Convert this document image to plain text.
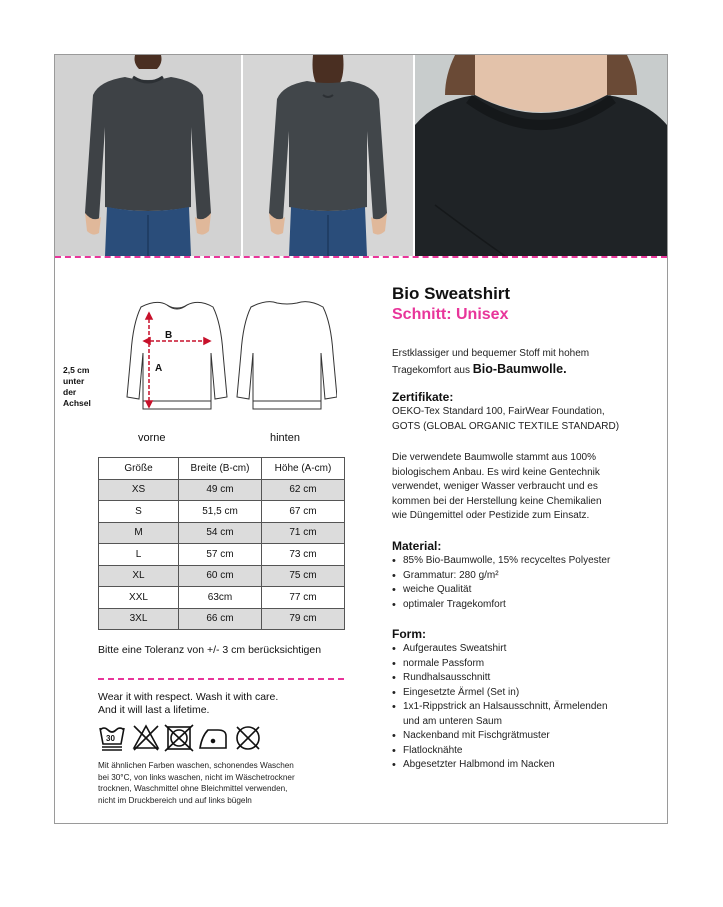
B
A
2,5 cm
unter
der
Achsel
vorne	hinten
Größe	Breite (B-cm)	Höhe (A-cm)
XS	49 cm	62 cm
S	51,5 cm	67 cm
M	54 cm	71 cm
L	57 cm	73 cm
XL	60 cm	75 cm
XXL	63cm	77 cm
3XL	66 cm	79 cm
Bitte eine Toleranz von +/- 3 cm berücksichtigen
Wear it with respect. Wash it with care.
And it will last a lifetime.
30
Mit ähnlichen Farben waschen, schonendes Waschen
bei 30°C, von links waschen, nicht im Wäschetrockner
trocknen, Waschmittel ohne Bleichmittel verwenden,
nicht im Druckbereich und auf links bügeln
Bio Sweatshirt
Schnitt: Unisex
Erstklassiger und bequemer Stoff mit hohem Tragekomfort aus Bio-Baumwolle.
Zertifikate:
OEKO-Tex Standard 100, FairWear Foundation,
GOTS (GLOBAL ORGANIC TEXTILE STANDARD)
Die verwendete Baumwolle stammt aus 100%
biologischem Anbau. Es wird keine Gentechnik
verwendet, weniger Wasser verbraucht und es
kommen bei der Herstellung keine Chemikalien
wie Düngemittel oder Pestizide zum Einsatz.
Material:
• 85% Bio-Baumwolle, 15% recyceltes Polyester
• Grammatur: 280 g/m²
• weiche Qualität
• optimaler Tragekomfort
Form:
• Aufgerautes Sweatshirt
• normale Passform
• Rundhalsausschnitt
• Eingesetzte Ärmel (Set in)
• 1x1-Rippstrick an Halsausschnitt, Ärmelenden
und am unteren Saum
• Nackenband mit Fischgrätmuster
• Flatlocknähte
• Abgesetzter Halbmond im Nacken
